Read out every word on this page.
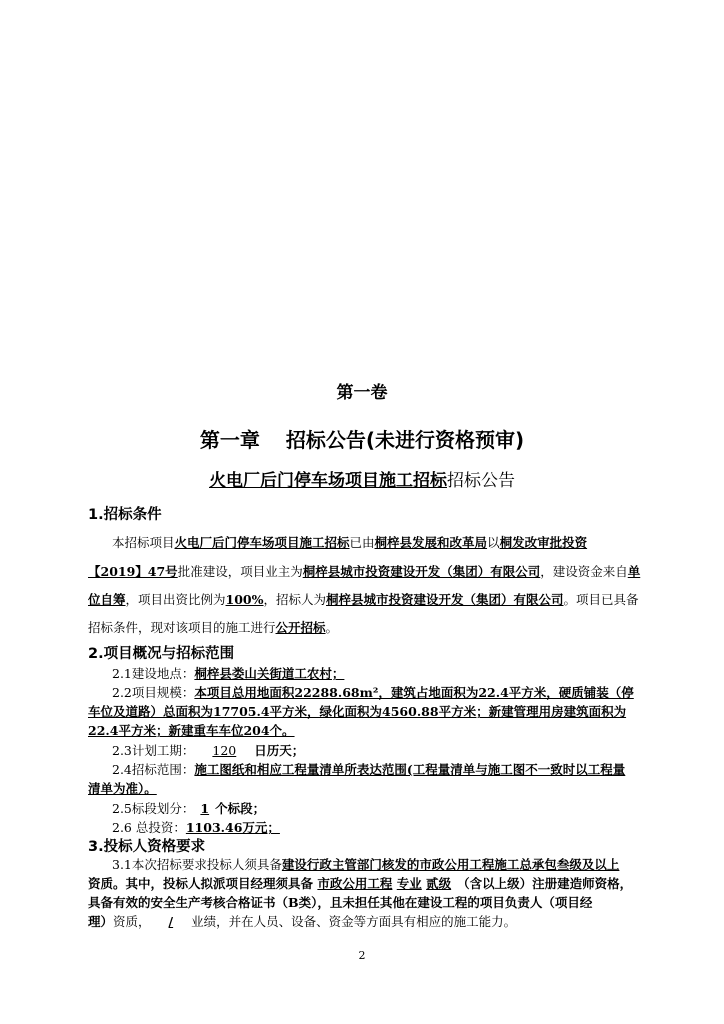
第一卷
第一章 招标公告(未进行资格预审)
火电厂后门停车场项目施工招标招标公告
1.招标条件
本招标项目火电厂后门停车场项目施工招标已由桐梓县发展和改革局以桐发改审批投资
【2019】47号批准建设，项目业主为桐梓县城市投资建设开发（集团）有限公司，建设资金来自单
位自筹，项目出资比例为100%，招标人为桐梓县城市投资建设开发（集团）有限公司。项目已具备
招标条件，现对该项目的施工进行公开招标。
2.项目概况与招标范围
2.1建设地点：桐梓县娄山关街道工农村；
2.2项目规模：本项目总用地面积22288.68m²，建筑占地面积为22.4平方米，硬质铺装（停
车位及道路）总面积为17705.4平方米，绿化面积为4560.88平方米；新建管理用房建筑面积为
22.4平方米；新建重车车位204个。
2.3计划工期： 120 日历天；
2.4招标范围：施工图纸和相应工程量清单所表达范围(工程量清单与施工图不一致时以工程量
清单为准）。
2.5标段划分： 1 个标段；
2.6 总投资：1103.46万元；
3.投标人资格要求
3.1本次招标要求投标人须具备建设行政主管部门核发的市政公用工程施工总承包叁级及以上
资质。其中，投标人拟派项目经理须具备 市政公用工程 专业 贰级 （含以上级）注册建造师资格，
具备有效的安全生产考核合格证书（B类），且未担任其他在建设工程的项目负责人（项目经
理）资质， / 业绩，并在人员、设备、资金等方面具有相应的施工能力。
2
